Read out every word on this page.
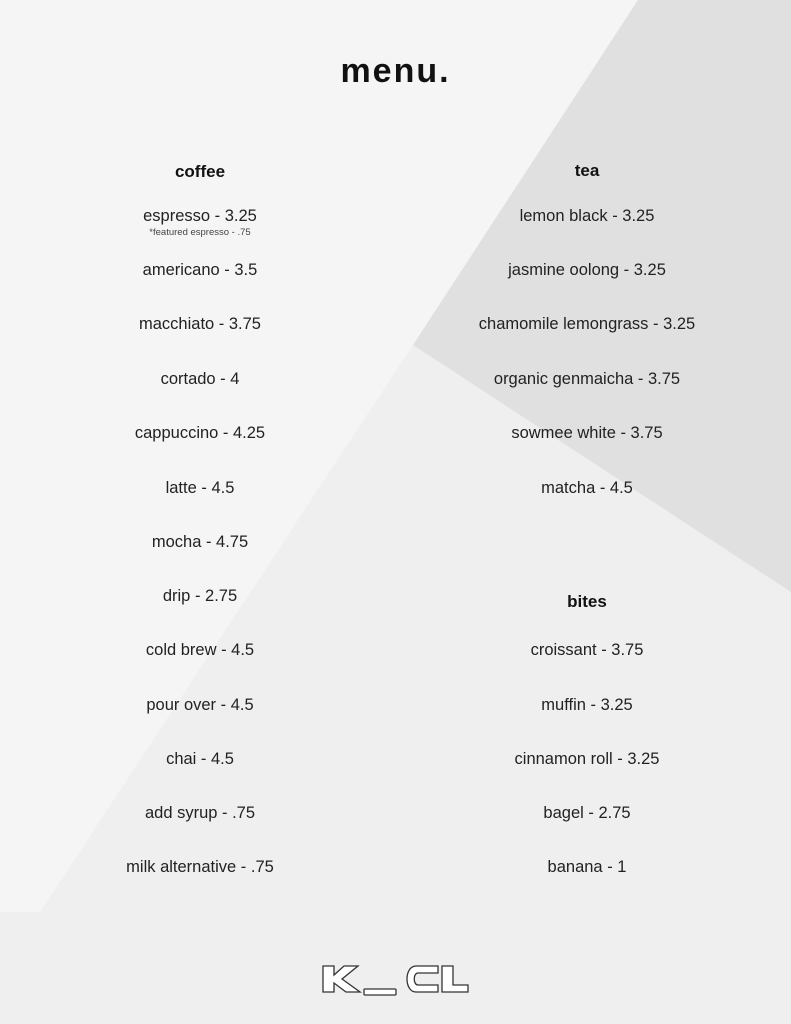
menu.
coffee
espresso - 3.25
*featured espresso - .75
americano - 3.5
macchiato - 3.75
cortado - 4
cappuccino - 4.25
latte - 4.5
mocha - 4.75
drip - 2.75
cold brew - 4.5
pour over - 4.5
chai - 4.5
add syrup - .75
milk alternative - .75
tea
lemon black - 3.25
jasmine oolong - 3.25
chamomile lemongrass - 3.25
organic genmaicha - 3.75
sowmee white - 3.75
matcha - 4.5
bites
croissant - 3.75
muffin - 3.25
cinnamon roll - 3.25
bagel - 2.75
banana - 1
